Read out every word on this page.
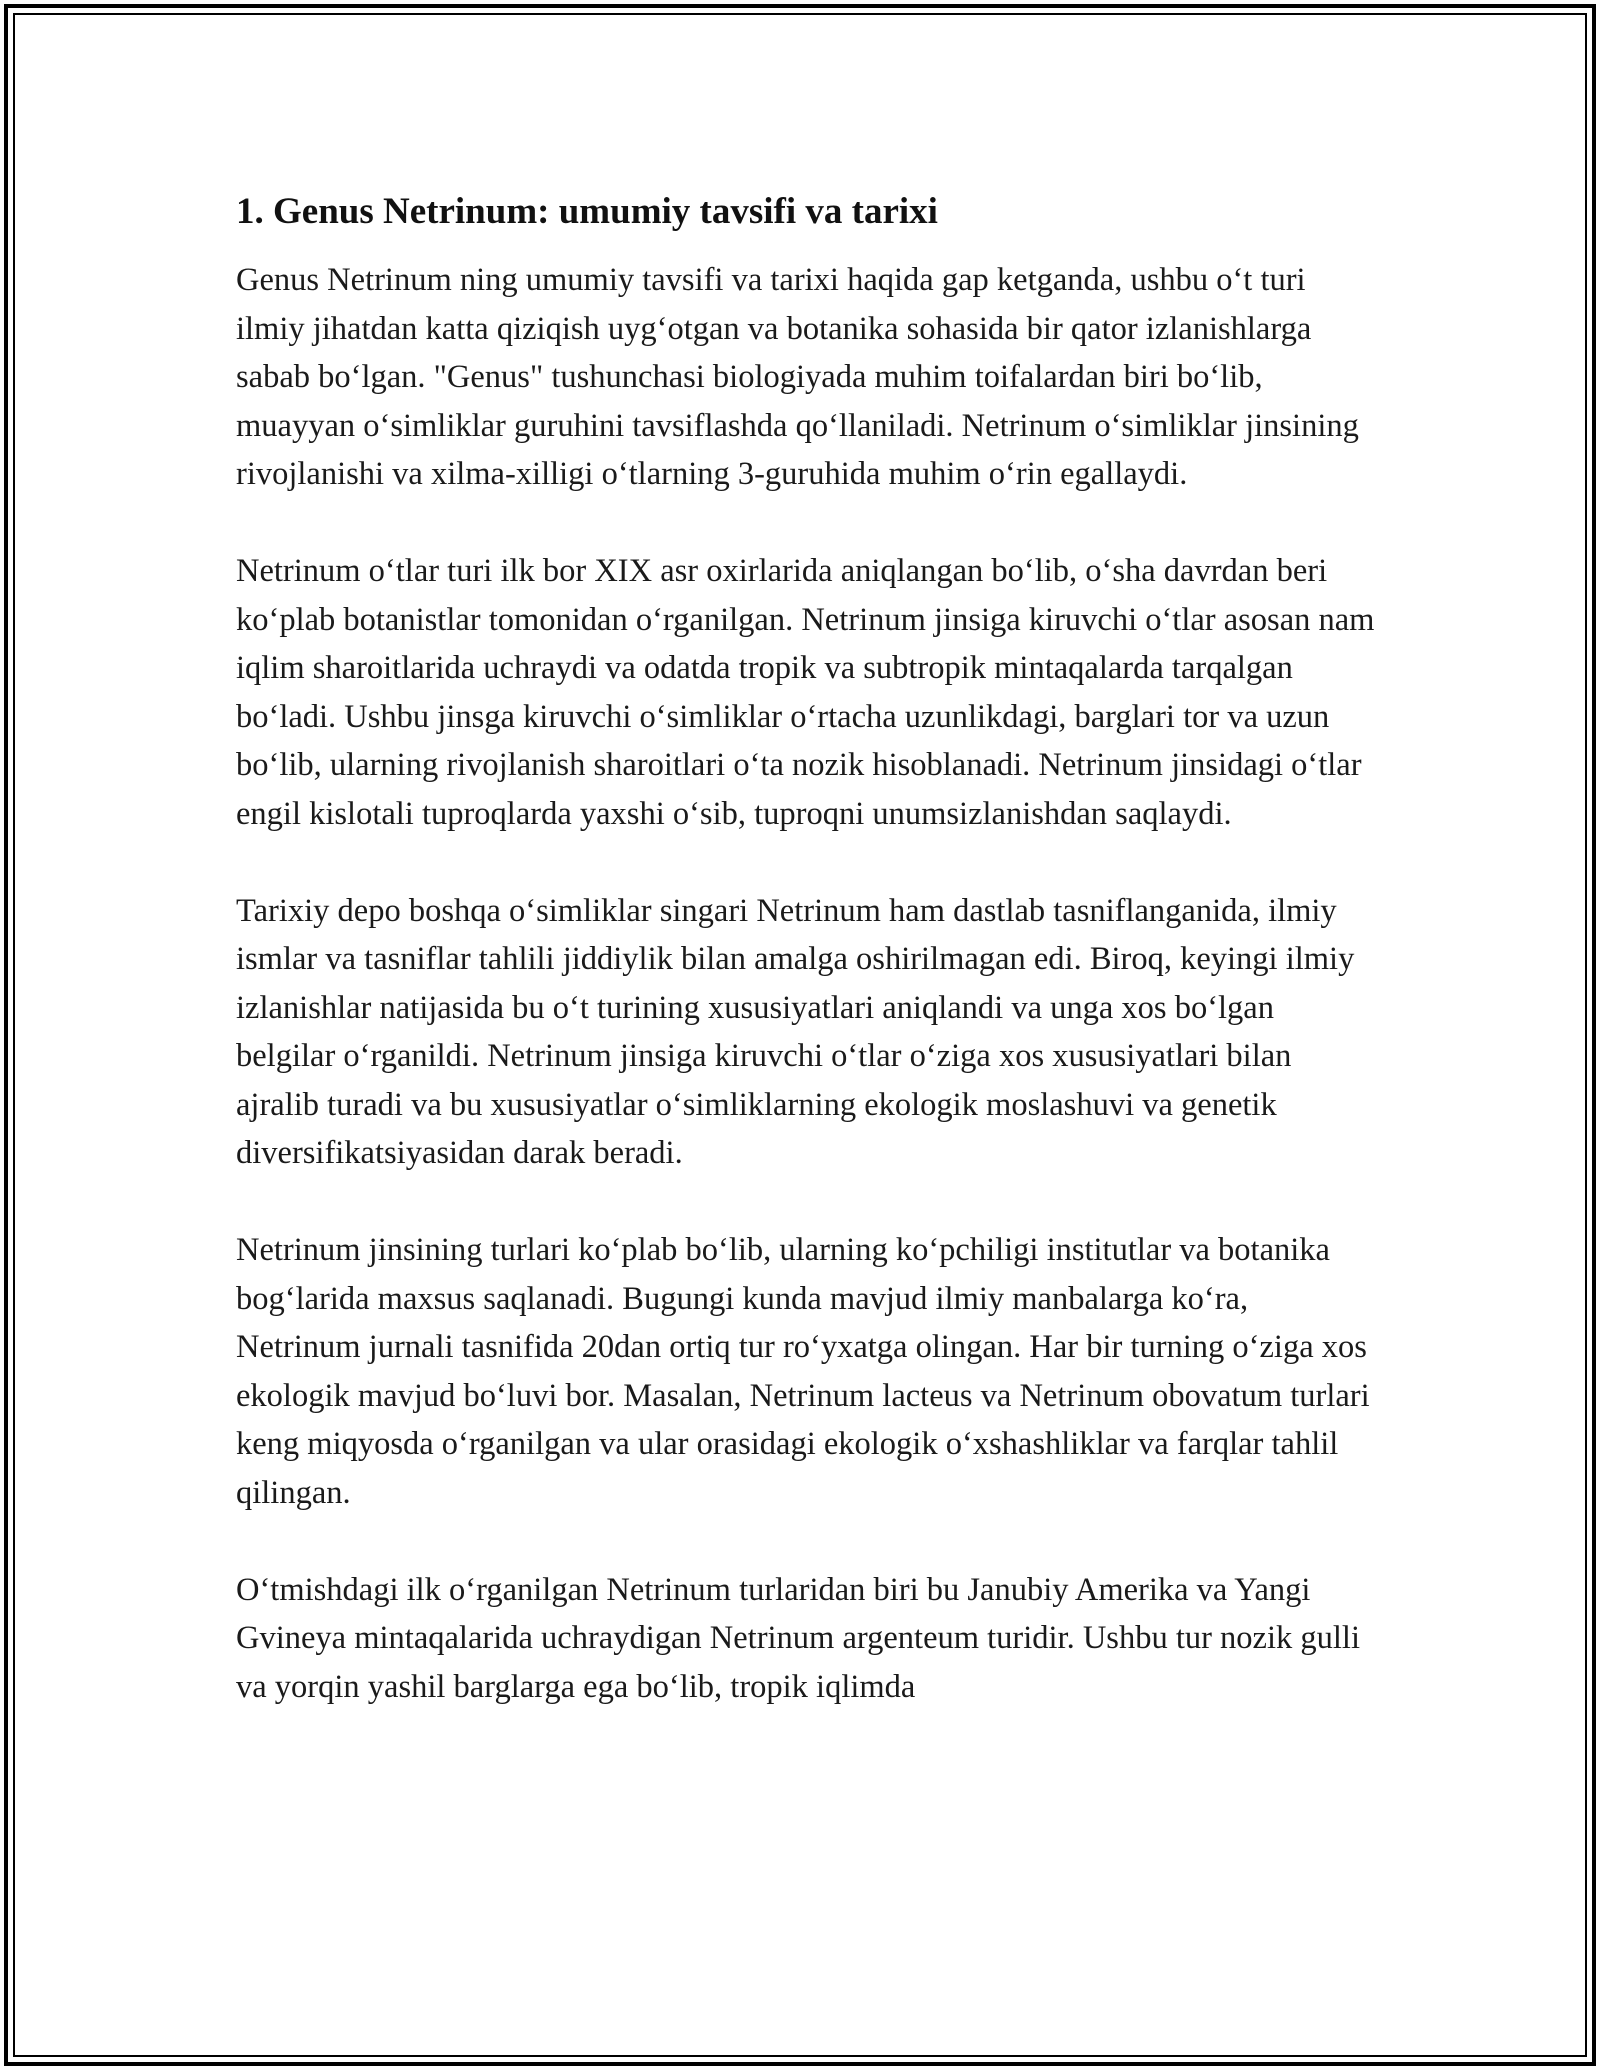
1. Genus Netrinum: umumiy tavsifi va tarixi

Genus Netrinum ning umumiy tavsifi va tarixi haqida gap ketganda, ushbu o‘t turi ilmiy jihatdan katta qiziqish uyg‘otgan va botanika sohasida bir qator izlanishlarga sabab bo‘lgan. "Genus" tushunchasi biologiyada muhim toifalardan biri bo‘lib, muayyan o‘simliklar guruhini tavsiflashda qo‘llaniladi. Netrinum o‘simliklar jinsining rivojlanishi va xilma-xilligi o‘tlarning 3-guruhida muhim o‘rin egallaydi.

Netrinum o‘tlar turi ilk bor XIX asr oxirlarida aniqlangan bo‘lib, o‘sha davrdan beri ko‘plab botanistlar tomonidan o‘rganilgan. Netrinum jinsiga kiruvchi o‘tlar asosan nam iqlim sharoitlarida uchraydi va odatda tropik va subtropik mintaqalarda tarqalgan bo‘ladi. Ushbu jinsga kiruvchi o‘simliklar o‘rtacha uzunlikdagi, barglari tor va uzun bo‘lib, ularning rivojlanish sharoitlari o‘ta nozik hisoblanadi. Netrinum jinsidagi o‘tlar engil kislotali tuproqlarda yaxshi o‘sib, tuproqni unumsizlanishdan saqlaydi.

Tarixiy depo boshqa o‘simliklar singari Netrinum ham dastlab tasniflanganida, ilmiy ismlar va tasniflar tahlili jiddiylik bilan amalga oshirilmagan edi. Biroq, keyingi ilmiy izlanishlar natijasida bu o‘t turining xususiyatlari aniqlandi va unga xos bo‘lgan belgilar o‘rganildi. Netrinum jinsiga kiruvchi o‘tlar o‘ziga xos xususiyatlari bilan ajralib turadi va bu xususiyatlar o‘simliklarning ekologik moslashuvi va genetik diversifikatsiyasidan darak beradi.

Netrinum jinsining turlari ko‘plab bo‘lib, ularning ko‘pchiligi institutlar va botanika bog‘larida maxsus saqlanadi. Bugungi kunda mavjud ilmiy manbalarga ko‘ra, Netrinum jurnali tasnifida 20dan ortiq tur ro‘yxatga olingan. Har bir turning o‘ziga xos ekologik mavjud bo‘luvi bor. Masalan, Netrinum lacteus va Netrinum obovatum turlari keng miqyosda o‘rganilgan va ular orasidagi ekologik o‘xshashliklar va farqlar tahlil qilingan.

O‘tmishdagi ilk o‘rganilgan Netrinum turlaridan biri bu Janubiy Amerika va Yangi Gvineya mintaqalarida uchraydigan Netrinum argenteum turidir. Ushbu tur nozik gulli va yorqin yashil barglarga ega bo‘lib, tropik iqlimda
